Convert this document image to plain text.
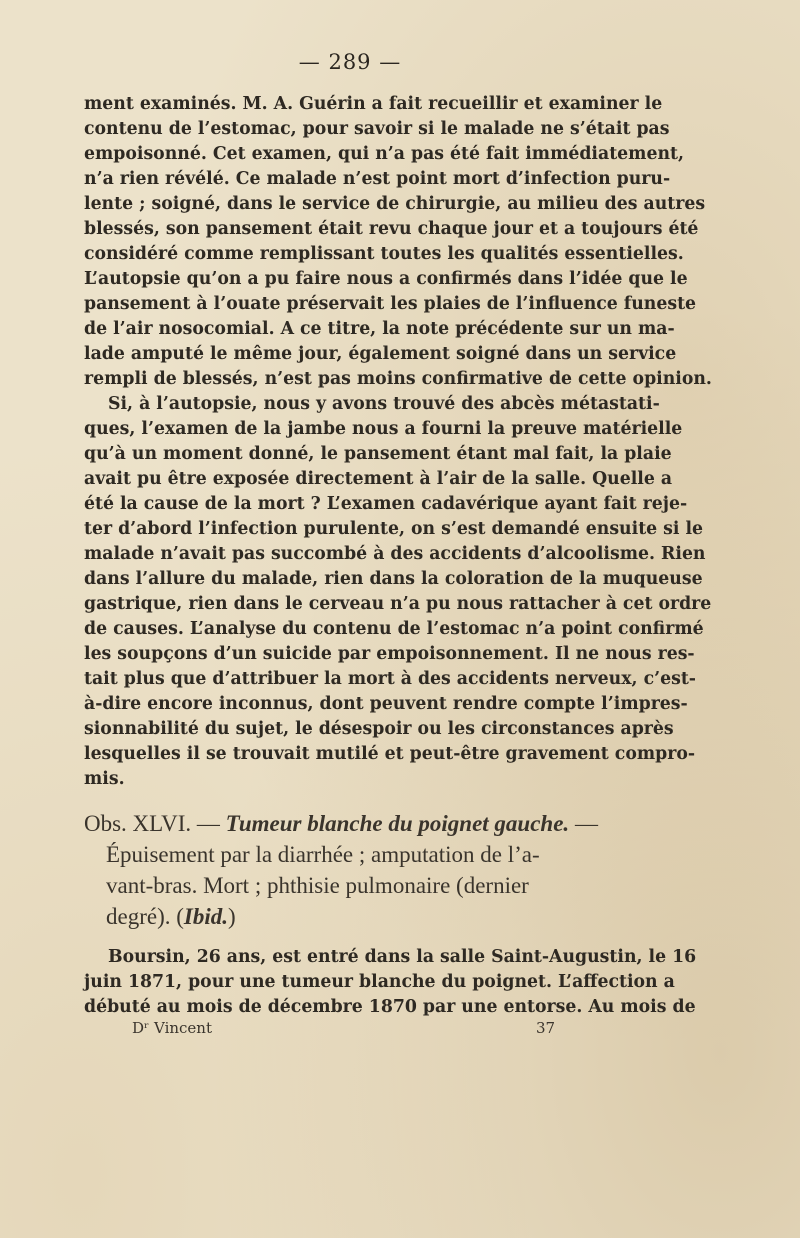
— 289 —
ment examinés. M. A. Guérin a fait recueillir et examiner le
contenu de l’estomac, pour savoir si le malade ne s’était pas
empoisonné. Cet examen, qui n’a pas été fait immédiatement,
n’a rien révélé. Ce malade n’est point mort d’infection puru-
lente ; soigné, dans le service de chirurgie, au milieu des autres
blessés, son pansement était revu chaque jour et a toujours été
considéré comme remplissant toutes les qualités essentielles.
L’autopsie qu’on a pu faire nous a confirmés dans l’idée que le
pansement à l’ouate préservait les plaies de l’influence funeste
de l’air nosocomial. A ce titre, la note précédente sur un ma-
lade amputé le même jour, également soigné dans un service
rempli de blessés, n’est pas moins confirmative de cette opinion.
Si, à l’autopsie, nous y avons trouvé des abcès métastati-
ques, l’examen de la jambe nous a fourni la preuve matérielle
qu’à un moment donné, le pansement étant mal fait, la plaie
avait pu être exposée directement à l’air de la salle. Quelle a
été la cause de la mort ? L’examen cadavérique ayant fait reje-
ter d’abord l’infection purulente, on s’est demandé ensuite si le
malade n’avait pas succombé à des accidents d’alcoolisme. Rien
dans l’allure du malade, rien dans la coloration de la muqueuse
gastrique, rien dans le cerveau n’a pu nous rattacher à cet ordre
de causes. L’analyse du contenu de l’estomac n’a point confirmé
les soupçons d’un suicide par empoisonnement. Il ne nous res-
tait plus que d’attribuer la mort à des accidents nerveux, c’est-
à-dire encore inconnus, dont peuvent rendre compte l’impres-
sionnabilité du sujet, le désespoir ou les circonstances après
lesquelles il se trouvait mutilé et peut-être gravement compro-
mis.
Obs. XLVI. — Tumeur blanche du poignet gauche. —
Épuisement par la diarrhée ; amputation de l’a-
vant-bras. Mort ; phthisie pulmonaire (dernier
degré). (Ibid.)
Boursin, 26 ans, est entré dans la salle Saint-Augustin, le 16
juin 1871, pour une tumeur blanche du poignet. L’affection a
débuté au mois de décembre 1870 par une entorse. Au mois de
Dʳ Vincent	37
